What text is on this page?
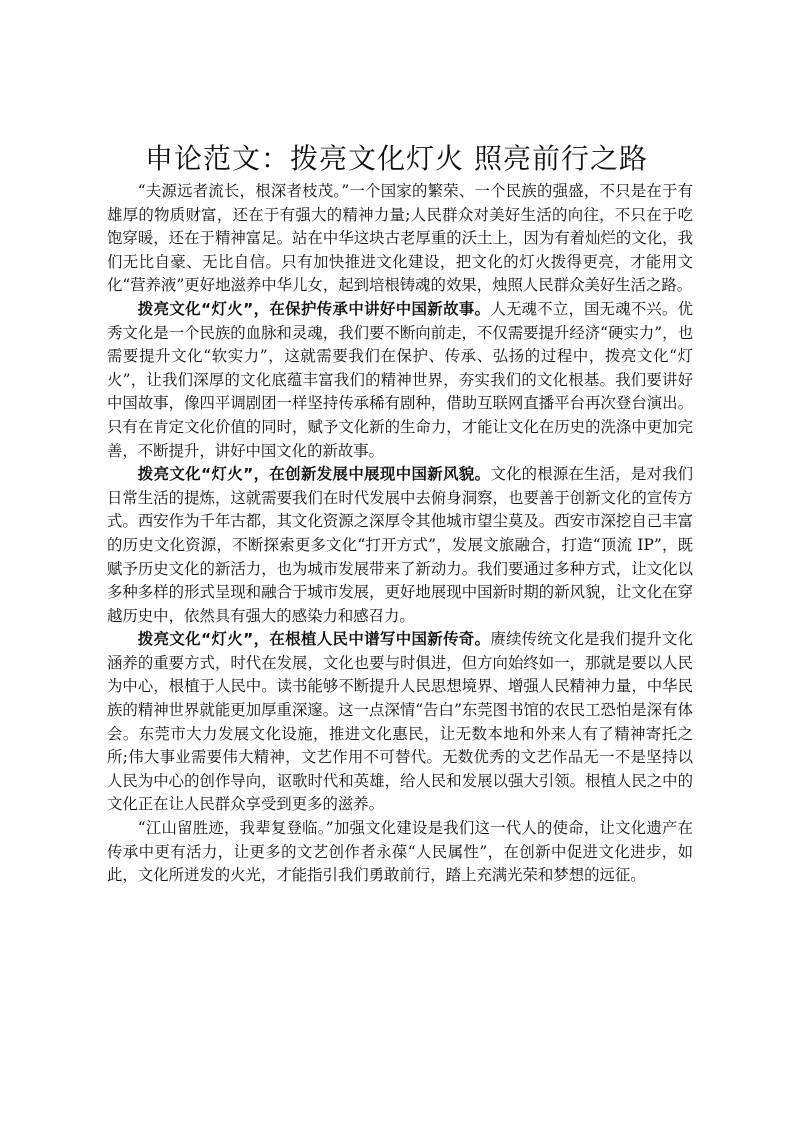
申论范文：拨亮文化灯火 照亮前行之路

“夫源远者流长，根深者枝茂。”一个国家的繁荣、一个民族的强盛，不只是在于有雄厚的物质财富，还在于有强大的精神力量;人民群众对美好生活的向往，不只在于吃饱穿暖，还在于精神富足。站在中华这块古老厚重的沃土上，因为有着灿烂的文化，我们无比自豪、无比自信。只有加快推进文化建设，把文化的灯火拨得更亮，才能用文化“营养液”更好地滋养中华儿女，起到培根铸魂的效果，烛照人民群众美好生活之路。

拨亮文化“灯火”，在保护传承中讲好中国新故事。人无魂不立，国无魂不兴。优秀文化是一个民族的血脉和灵魂，我们要不断向前走，不仅需要提升经济“硬实力”，也需要提升文化“软实力”，这就需要我们在保护、传承、弘扬的过程中，拨亮文化“灯火”，让我们深厚的文化底蕴丰富我们的精神世界，夯实我们的文化根基。我们要讲好中国故事，像四平调剧团一样坚持传承稀有剧种，借助互联网直播平台再次登台演出。只有在肯定文化价值的同时，赋予文化新的生命力，才能让文化在历史的洗涤中更加完善，不断提升，讲好中国文化的新故事。

拨亮文化“灯火”，在创新发展中展现中国新风貌。文化的根源在生活，是对我们日常生活的提炼，这就需要我们在时代发展中去俯身洞察，也要善于创新文化的宣传方式。西安作为千年古都，其文化资源之深厚令其他城市望尘莫及。西安市深挖自己丰富的历史文化资源，不断探索更多文化“打开方式”，发展文旅融合，打造“顶流 IP”，既赋予历史文化的新活力，也为城市发展带来了新动力。我们要通过多种方式，让文化以多种多样的形式呈现和融合于城市发展，更好地展现中国新时期的新风貌，让文化在穿越历史中，依然具有强大的感染力和感召力。

拨亮文化“灯火”，在根植人民中谱写中国新传奇。赓续传统文化是我们提升文化涵养的重要方式，时代在发展，文化也要与时俱进，但方向始终如一，那就是要以人民为中心，根植于人民中。读书能够不断提升人民思想境界、增强人民精神力量，中华民族的精神世界就能更加厚重深邃。这一点深情“告白”东莞图书馆的农民工恐怕是深有体会。东莞市大力发展文化设施，推进文化惠民，让无数本地和外来人有了精神寄托之所;伟大事业需要伟大精神，文艺作用不可替代。无数优秀的文艺作品无一不是坚持以人民为中心的创作导向，讴歌时代和英雄，给人民和发展以强大引领。根植人民之中的文化正在让人民群众享受到更多的滋养。

“江山留胜迹，我辈复登临。”加强文化建设是我们这一代人的使命，让文化遗产在传承中更有活力，让更多的文艺创作者永葆“人民属性”，在创新中促进文化进步，如此，文化所迸发的火光，才能指引我们勇敢前行，踏上充满光荣和梦想的远征。
